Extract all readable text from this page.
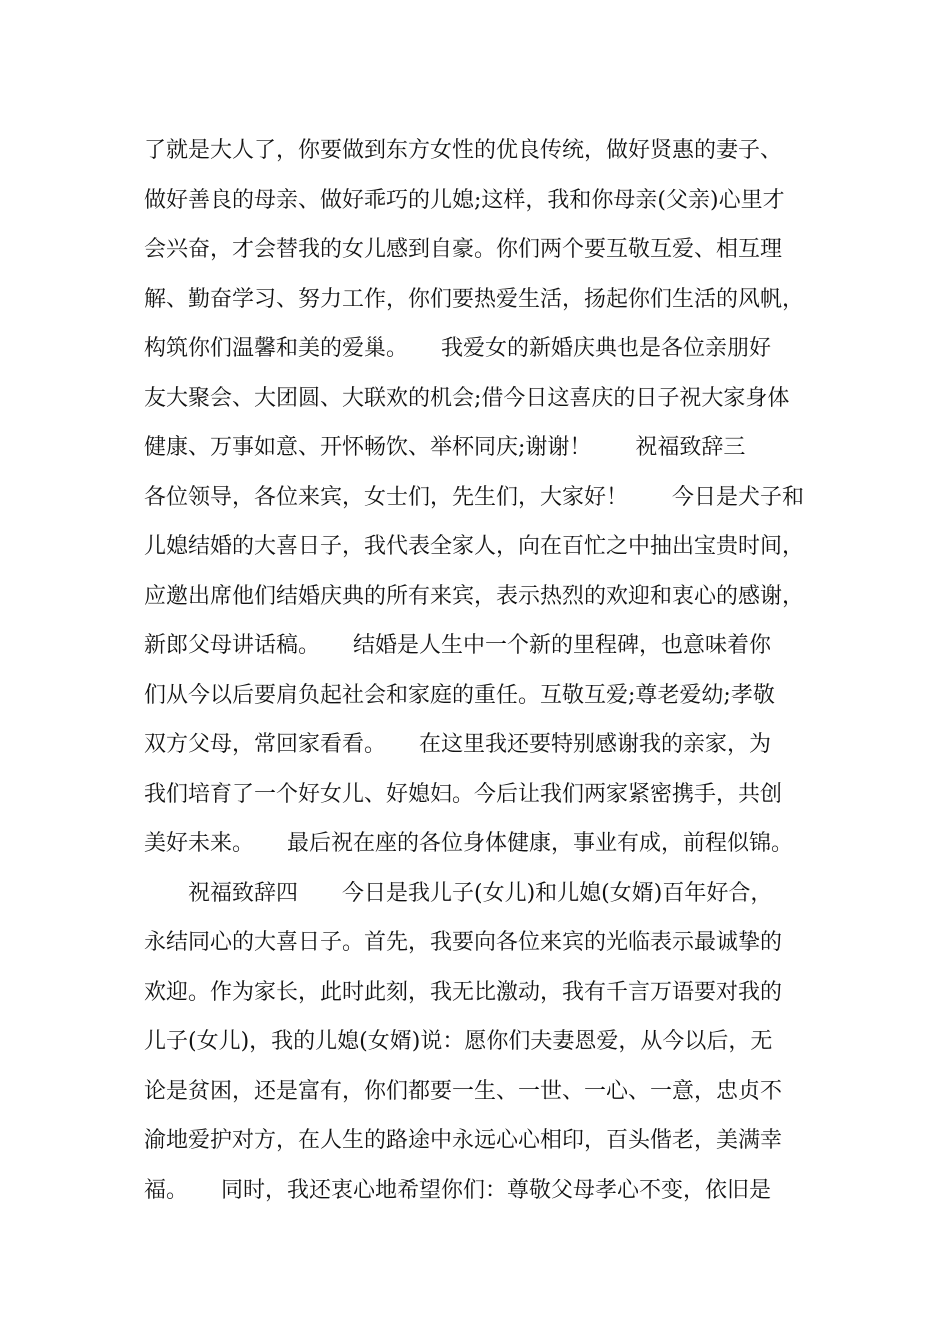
了就是大人了，你要做到东方女性的优良传统，做好贤惠的妻子、
做好善良的母亲、做好乖巧的儿媳;这样，我和你母亲(父亲)心里才
会兴奋，才会替我的女儿感到自豪。你们两个要互敬互爱、相互理
解、勤奋学习、努力工作，你们要热爱生活，扬起你们生活的风帆，
构筑你们温馨和美的爱巢。　　我爱女的新婚庆典也是各位亲朋好
友大聚会、大团圆、大联欢的机会;借今日这喜庆的日子祝大家身体
健康、万事如意、开怀畅饮、举杯同庆;谢谢！　　祝福致辞三
各位领导，各位来宾，女士们，先生们，大家好！　　今日是犬子和
儿媳结婚的大喜日子，我代表全家人，向在百忙之中抽出宝贵时间，
应邀出席他们结婚庆典的所有来宾，表示热烈的欢迎和衷心的感谢，
新郎父母讲话稿。　　结婚是人生中一个新的里程碑，也意味着你
们从今以后要肩负起社会和家庭的重任。互敬互爱;尊老爱幼;孝敬
双方父母，常回家看看。　　在这里我还要特别感谢我的亲家，为
我们培育了一个好女儿、好媳妇。今后让我们两家紧密携手，共创
美好未来。　　最后祝在座的各位身体健康，事业有成，前程似锦。
　　祝福致辞四　　今日是我儿子(女儿)和儿媳(女婿)百年好合，
永结同心的大喜日子。首先，我要向各位来宾的光临表示最诚挚的
欢迎。作为家长，此时此刻，我无比激动，我有千言万语要对我的
儿子(女儿)，我的儿媳(女婿)说：愿你们夫妻恩爱，从今以后，无
论是贫困，还是富有，你们都要一生、一世、一心、一意，忠贞不
渝地爱护对方，在人生的路途中永远心心相印，百头偕老，美满幸
福。　　同时，我还衷心地希望你们：尊敬父母孝心不变，依旧是
